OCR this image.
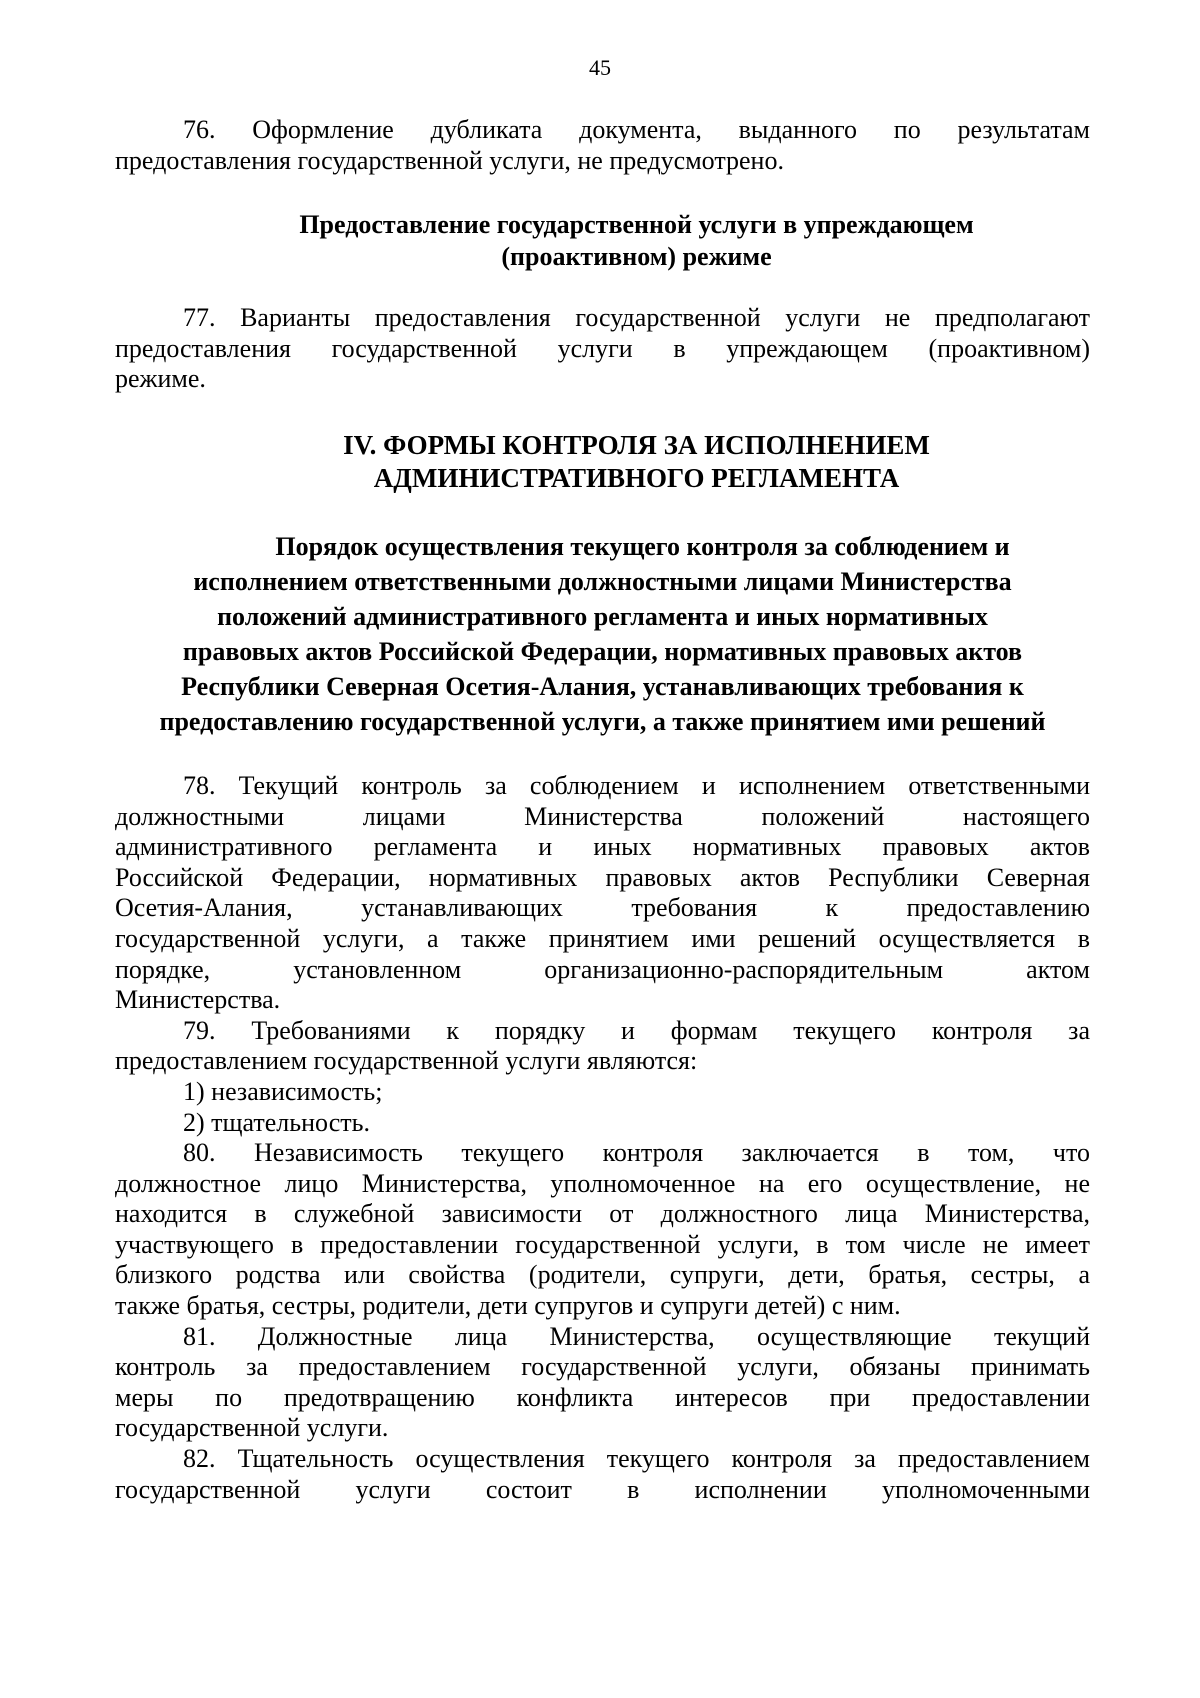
45
76. Оформление дубликата документа, выданного по результатам
предоставления государственной услуги, не предусмотрено.
Предоставление государственной услуги в упреждающем
(проактивном) режиме
77. Варианты предоставления государственной услуги не предполагают
предоставления государственной услуги в упреждающем (проактивном)
режиме.
IV. ФОРМЫ КОНТРОЛЯ ЗА ИСПОЛНЕНИЕМ
АДМИНИСТРАТИВНОГО РЕГЛАМЕНТА
Порядок осуществления текущего контроля за соблюдением и
исполнением ответственными должностными лицами Министерства
положений административного регламента и иных нормативных
правовых актов Российской Федерации, нормативных правовых актов
Республики Северная Осетия-Алания, устанавливающих требования к
предоставлению государственной услуги, а также принятием ими решений
78. Текущий контроль за соблюдением и исполнением ответственными
должностными лицами Министерства положений настоящего
административного регламента и иных нормативных правовых актов
Российской Федерации, нормативных правовых актов Республики Северная
Осетия-Алания, устанавливающих требования к предоставлению
государственной услуги, а также принятием ими решений осуществляется в
порядке, установленном организационно-распорядительным актом
Министерства.
79. Требованиями к порядку и формам текущего контроля за
предоставлением государственной услуги являются:
1) независимость;
2) тщательность.
80. Независимость текущего контроля заключается в том, что
должностное лицо Министерства, уполномоченное на его осуществление, не
находится в служебной зависимости от должностного лица Министерства,
участвующего в предоставлении государственной услуги, в том числе не имеет
близкого родства или свойства (родители, супруги, дети, братья, сестры, а
также братья, сестры, родители, дети супругов и супруги детей) с ним.
81. Должностные лица Министерства, осуществляющие текущий
контроль за предоставлением государственной услуги, обязаны принимать
меры по предотвращению конфликта интересов при предоставлении
государственной услуги.
82. Тщательность осуществления текущего контроля за предоставлением
государственной услуги состоит в исполнении уполномоченными
